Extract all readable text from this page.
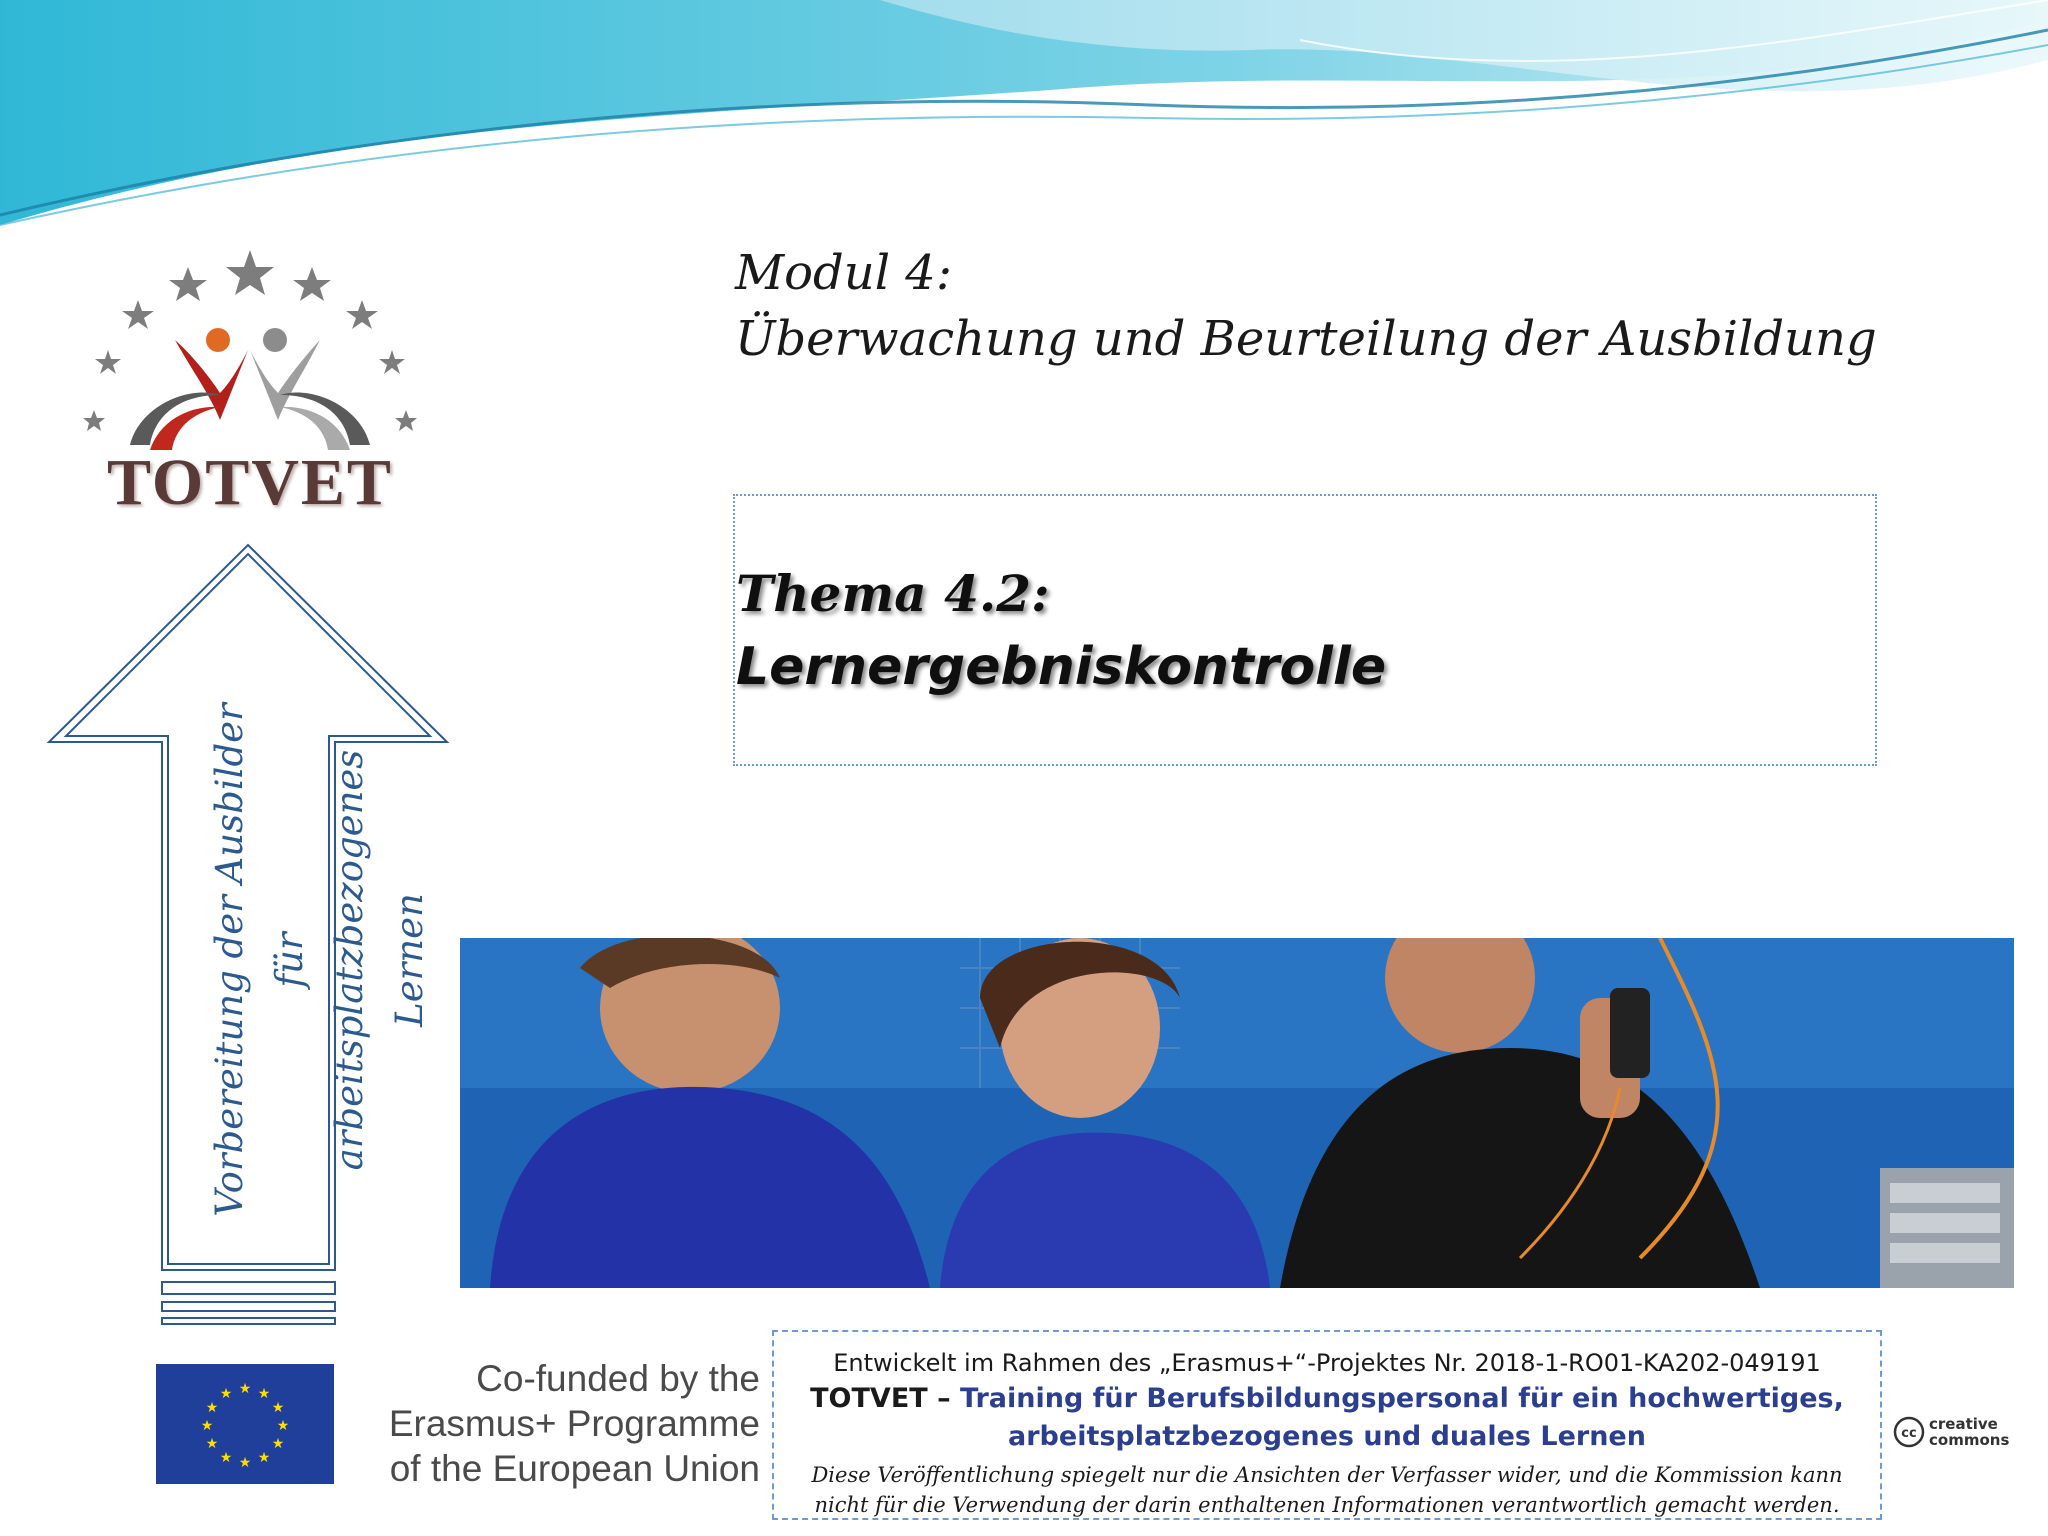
TOTVET
Vorbereitung der Ausbilder für arbeitsplatzbezogenes Lernen
Modul 4:
Überwachung und Beurteilung der Ausbildung
Thema 4.2:
Lernergebniskontrolle
★ ★
★
★
★
★
★
★
★
★
★
★	Co-funded by the
Erasmus+ Programme
of the European Union
Entwickelt im Rahmen des „Erasmus+“-Projektes Nr. 2018-1-RO01-KA202-049191
TOTVET – Training für Berufsbildungspersonal für ein hochwertiges,
arbeitsplatzbezogenes und duales Lernen
Diese Veröffentlichung spiegelt nur die Ansichten der Verfasser wider, und die Kommission kann
nicht für die Verwendung der darin enthaltenen Informationen verantwortlich gemacht werden.
cc
creative
commons
